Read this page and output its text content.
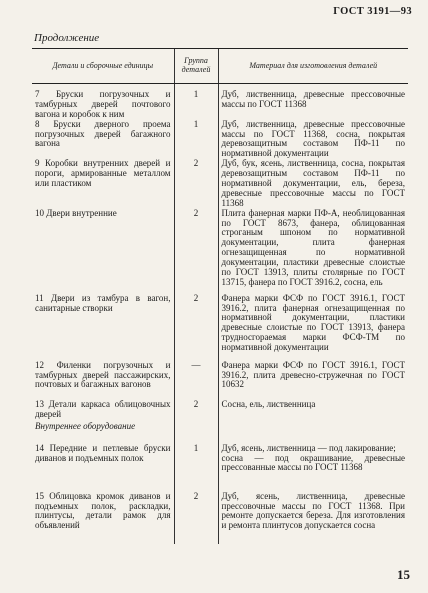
ГОСТ 3191—93
Продолжение
Детали и сборочные единицы	Группа деталей	Материал для изготовления деталей
7 Бруски погрузочных и тамбурных дверей почтового вагона и коробок к ним	1	Дуб, лиственница, древесные прессовочные массы по ГОСТ 11368
8 Бруски дверного проема погрузочных дверей багажного вагона	1	Дуб, лиственница, древесные прессовочные массы по ГОСТ 11368, сосна, покрытая деревозащитным составом ПФ-11 по нормативной документации
9 Коробки внутренних дверей и пороги, армированные металлом или пластиком	2	Дуб, бук, ясень, лиственница, сосна, покрытая деревозащитным составом ПФ-11 по нормативной документации, ель, береза, древесные прессовочные массы по ГОСТ 11368
10 Двери внутренние	2	Плита фанерная марки ПФ-А, необлицованная по ГОСТ 8673, фанера, облицованная строганым шпоном по нормативной документации, плита фанерная огнезащищенная по нормативной документации, пластики древесные слоистые по ГОСТ 13913, плиты столярные по ГОСТ 13715, фанера по ГОСТ 3916.2, сосна, ель
11 Двери из тамбура в вагон, санитарные створки	2	Фанера марки ФСФ по ГОСТ 3916.1, ГОСТ 3916.2, плита фанерная огнезащищенная по нормативной документации, пластики древесные слоистые по ГОСТ 13913, фанера трудносгораемая марки ФСФ-ТМ по нормативной документации
12 Филенки погрузочных и тамбурных дверей пассажирских, почтовых и багажных вагонов	—	Фанера марки ФСФ по ГОСТ 3916.1, ГОСТ 3916.2, плита древесно-стружечная по ГОСТ 10632
13 Детали каркаса облицовочных дверей	2	Сосна, ель, лиственница
Внутреннее оборудование		
14 Передние и петлевые бруски диванов и подъемных полок	1	Дуб, ясень, лиственница — под лакирование;
сосна — под окрашивание, древесные прессованные массы по ГОСТ 11368
15 Облицовка кромок диванов и подъемных полок, раскладки, плинтусы, детали рамок для объявлений	2	Дуб, ясень, лиственница, древесные прессовочные массы по ГОСТ 11368. При ремонте допускается береза. Для изготовления и ремонта плинтусов допускается сосна
15
